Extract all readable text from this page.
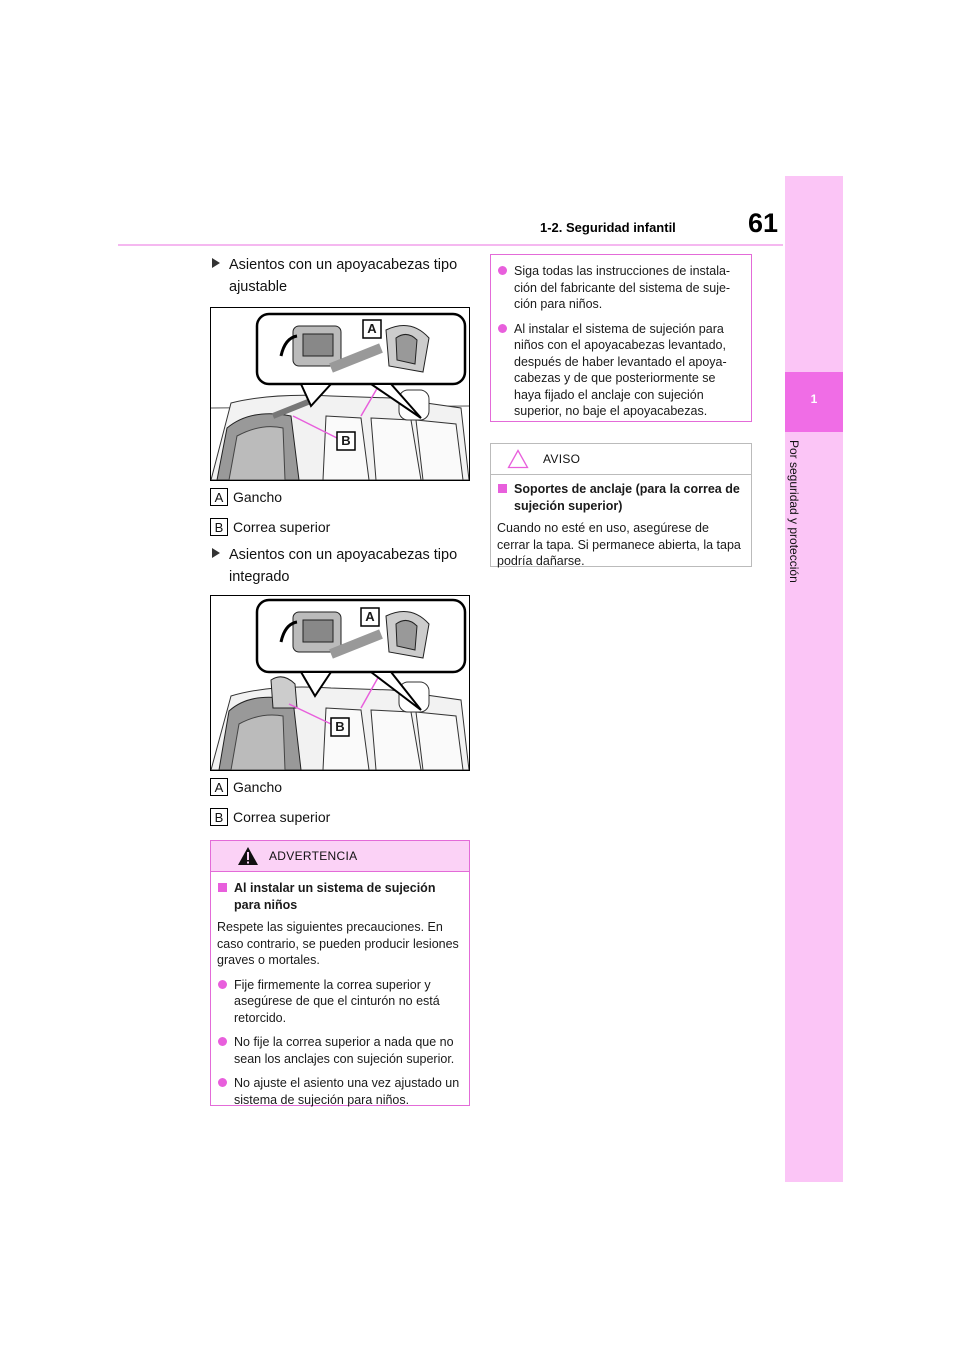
1-2. Seguridad infantil	61
1
Por seguridad y protección
Asientos con un apoyacabezas tipo ajustable
A
B
A Gancho
B Correa superior
Asientos con un apoyacabezas tipo integrado
A
B
A Gancho
B Correa superior
ADVERTENCIA
Al instalar un sistema de sujeción para niños

Respete las siguientes precauciones. En caso contrario, se pueden producir lesiones graves o mortales.

Fije firmemente la correa superior y asegúrese de que el cinturón no está retorcido.
No fije la correa superior a nada que no sean los anclajes con sujeción superior.
No ajuste el asiento una vez ajustado un sistema de sujeción para niños.
Siga todas las instrucciones de instala-ción del fabricante del sistema de suje-ción para niños.
Al instalar el sistema de sujeción para niños con el apoyacabezas levantado, después de haber levantado el apoya-cabezas y de que posteriormente se haya fijado el anclaje con sujeción superior, no baje el apoyacabezas.
AVISO
Soportes de anclaje (para la correa de sujeción superior)

Cuando no esté en uso, asegúrese de cerrar la tapa. Si permanece abierta, la tapa podría dañarse.
